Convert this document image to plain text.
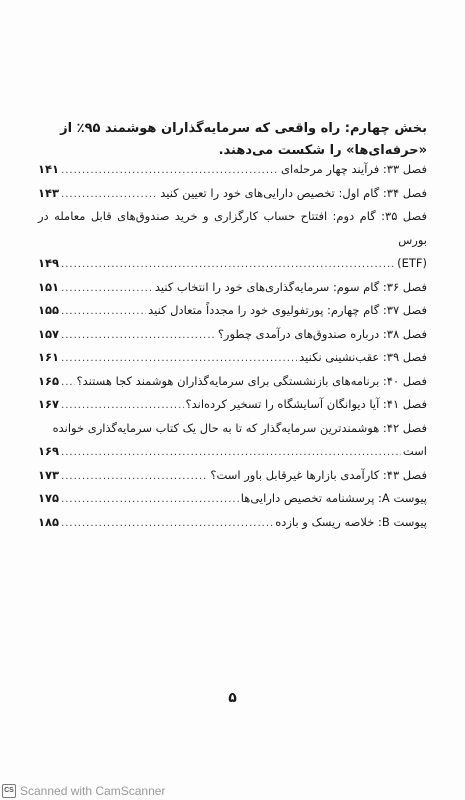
بخش چهارم: راه واقعی که سرمایه‌گذاران هوشمند ۹۵٪ از «حرفه‌ای‌ها» را شکست می‌دهند.

فصل ۳۳: فرآیند چهار مرحله‌ای
.....
۱۴۱
فصل ۳۴: گام اول: تخصیص دارایی‌های خود را تعیین کنید
.....
۱۴۳
فصل ۳۵: گام دوم: افتتاح حساب کارگزاری و خرید صندوق‌های قابل معامله در بورس
(ETF)
.....
۱۴۹
فصل ۳۶: گام سوم: سرمایه‌گذاری‌های خود را انتخاب کنید
.....
۱۵۱
فصل ۳۷: گام چهارم: پورتفولیوی خود را مجدداً متعادل کنید
.....
۱۵۵
فصل ۳۸: درباره صندوق‌های درآمدی چطور؟
.....
۱۵۷
فصل ۳۹: عقب‌نشینی نکنید
.....
۱۶۱
فصل ۴۰: برنامه‌های بازنشستگی برای سرمایه‌گذاران هوشمند کجا هستند؟
.....
۱۶۵
فصل ۴۱: آیا دیوانگان آسایشگاه را تسخیر کرده‌اند؟
.....
۱۶۷
فصل ۴۲: هوشمندترین سرمایه‌گذار که تا به حال یک کتاب سرمایه‌گذاری خوانده
است
.....
۱۶۹
فصل ۴۳: کارآمدی بازارها غیرقابل باور است؟
.....
۱۷۳
پیوست A: پرسشنامه تخصیص دارایی‌ها
.....
۱۷۵
پیوست B: خلاصه ریسک و بازده
.....
۱۸۵
۵
CS Scanned with CamScanner
